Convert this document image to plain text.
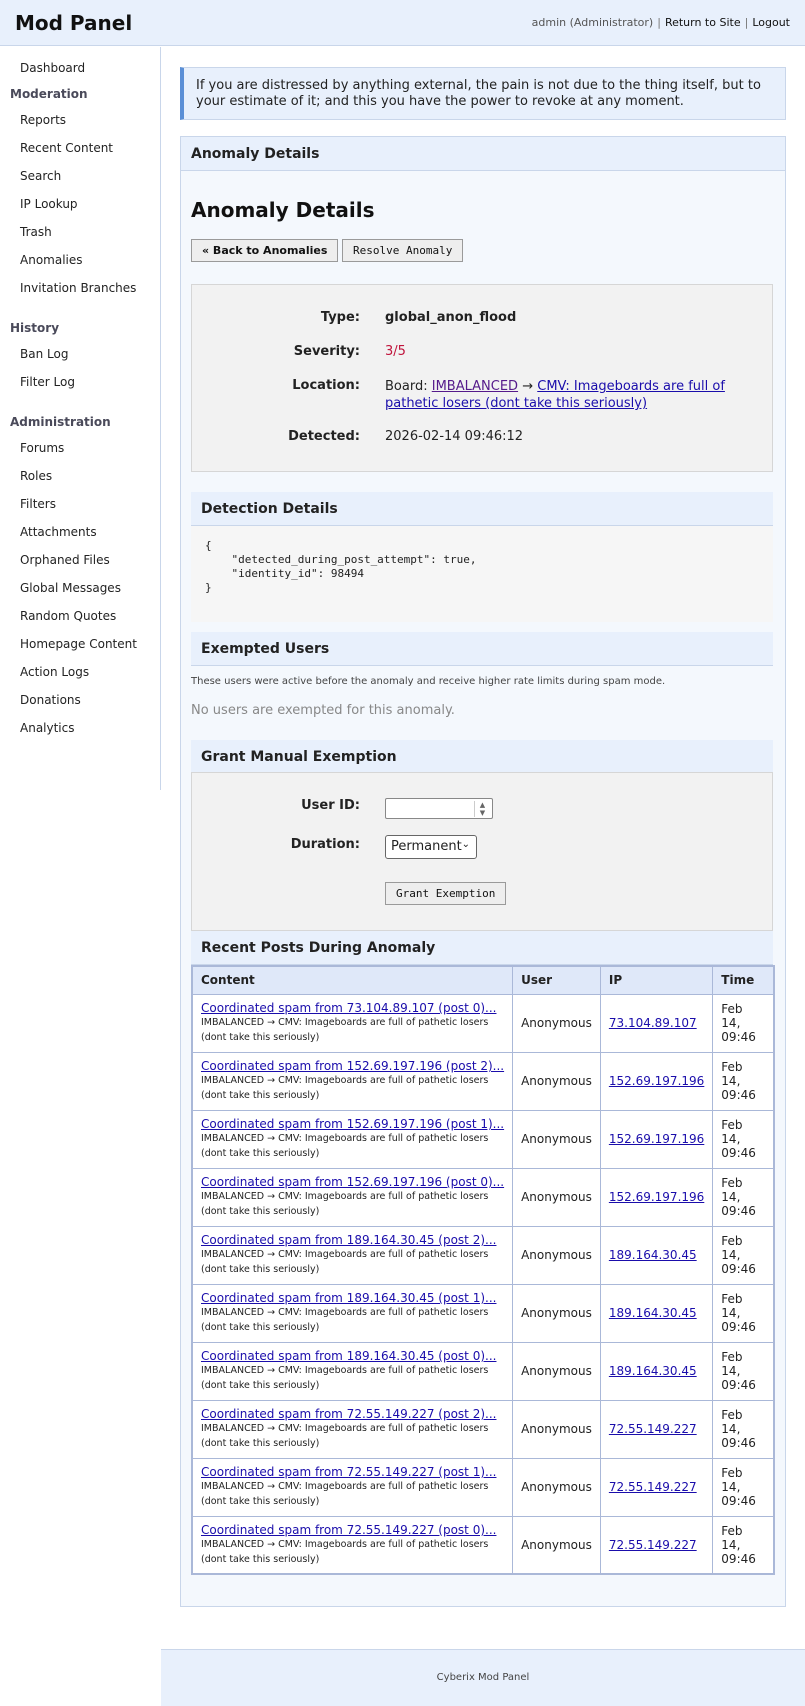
Mod Panel	admin (Administrator) | Return to Site | Logout
Dashboard
Moderation
Reports
Recent Content
Search
IP Lookup
Trash
Anomalies
Invitation Branches
History
Ban Log
Filter Log
Administration
Forums
Roles
Filters
Attachments
Orphaned Files
Global Messages
Random Quotes
Homepage Content
Action Logs
Donations
Analytics
If you are distressed by anything external, the pain is not due to the thing itself, but to your estimate of it; and this you have the power to revoke at any moment.
Anomaly Details
Anomaly Details
« Back to Anomalies	Resolve Anomaly
Type: global_anon_flood
Severity: 3/5
Location: Board: IMBALANCED → CMV: Imageboards are full of pathetic losers (dont take this seriously)
Detected: 2026-02-14 09:46:12
Detection Details
{
"detected_during_post_attempt": true,
"identity_id": 98494
}
Exempted Users
These users were active before the anomaly and receive higher rate limits during spam mode.
No users are exempted for this anomaly.
Grant Manual Exemption
User ID:	▲
▼
Duration:	Permanent ⌄
Grant Exemption
Recent Posts During Anomaly
Content	User	IP	Time

Coordinated spam from 73.104.89.107 (post 0)...
IMBALANCED → CMV: Imageboards are full of pathetic losers (dont take this seriously)	Anonymous	73.104.89.107	Feb 14, 09:46

Coordinated spam from 152.69.197.196 (post 2)...
IMBALANCED → CMV: Imageboards are full of pathetic losers (dont take this seriously)	Anonymous	152.69.197.196	Feb 14, 09:46

Coordinated spam from 152.69.197.196 (post 1)...
IMBALANCED → CMV: Imageboards are full of pathetic losers (dont take this seriously)	Anonymous	152.69.197.196	Feb 14, 09:46

Coordinated spam from 152.69.197.196 (post 0)...
IMBALANCED → CMV: Imageboards are full of pathetic losers (dont take this seriously)	Anonymous	152.69.197.196	Feb 14, 09:46

Coordinated spam from 189.164.30.45 (post 2)...
IMBALANCED → CMV: Imageboards are full of pathetic losers (dont take this seriously)	Anonymous	189.164.30.45	Feb 14, 09:46

Coordinated spam from 189.164.30.45 (post 1)...
IMBALANCED → CMV: Imageboards are full of pathetic losers (dont take this seriously)	Anonymous	189.164.30.45	Feb 14, 09:46

Coordinated spam from 189.164.30.45 (post 0)...
IMBALANCED → CMV: Imageboards are full of pathetic losers (dont take this seriously)	Anonymous	189.164.30.45	Feb 14, 09:46

Coordinated spam from 72.55.149.227 (post 2)...
IMBALANCED → CMV: Imageboards are full of pathetic losers (dont take this seriously)	Anonymous	72.55.149.227	Feb 14, 09:46

Coordinated spam from 72.55.149.227 (post 1)...
IMBALANCED → CMV: Imageboards are full of pathetic losers (dont take this seriously)	Anonymous	72.55.149.227	Feb 14, 09:46

Coordinated spam from 72.55.149.227 (post 0)...
IMBALANCED → CMV: Imageboards are full of pathetic losers (dont take this seriously)	Anonymous	72.55.149.227	Feb 14, 09:46
Cyberix Mod Panel
